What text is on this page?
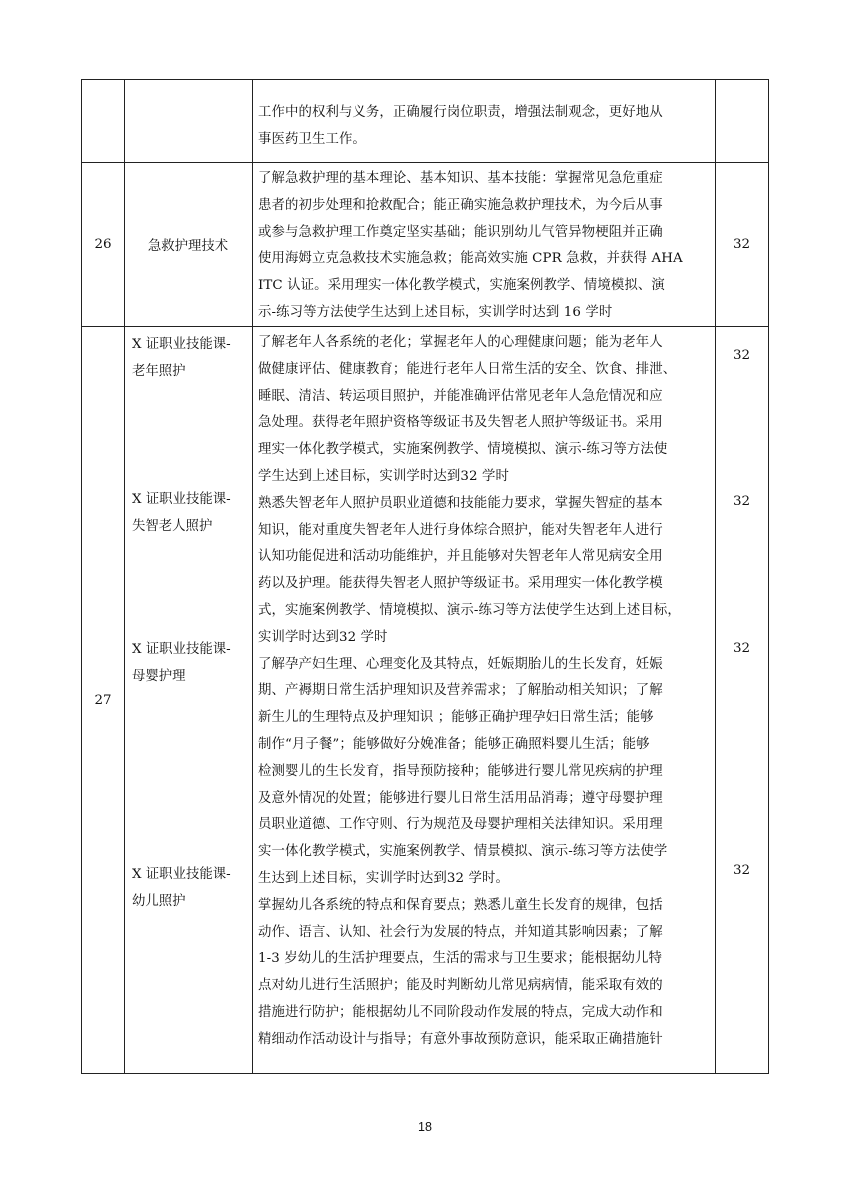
工作中的权利与义务，正确履行岗位职责，增强法制观念，更好地从

事医药卫生工作。

26	急救护理技术

了解急救护理的基本理论、基本知识、基本技能：掌握常见急危重症

患者的初步处理和抢救配合；能正确实施急救护理技术，为今后从事

或参与急救护理工作奠定坚实基础；能识别幼儿气管异物梗阻并正确

使用海姆立克急救技术实施急救；能高效实施 CPR 急救，并获得 AHA

ITC 认证。采用理实一体化教学模式，实施案例教学、情境模拟、演

示-练习等方法使学生达到上述目标，实训学时达到 16 学时

32
27
X 证职业技能课-
老年照护
X 证职业技能课-
失智老人照护
X 证职业技能课-
母婴护理
X 证职业技能课-
幼儿照护

了解老年人各系统的老化；掌握老年人的心理健康问题；能为老年人

做健康评估、健康教育；能进行老年人日常生活的安全、饮食、排泄、

睡眠、清洁、转运项目照护，并能准确评估常见老年人急危情况和应

急处理。获得老年照护资格等级证书及失智老人照护等级证书。采用

理实一体化教学模式，实施案例教学、情境模拟、演示-练习等方法使

学生达到上述目标，实训学时达到32 学时

熟悉失智老年人照护员职业道德和技能能力要求，掌握失智症的基本

知识，能对重度失智老年人进行身体综合照护，能对失智老年人进行

认知功能促进和活动功能维护，并且能够对失智老年人常见病安全用

药以及护理。能获得失智老人照护等级证书。采用理实一体化教学模

式，实施案例教学、情境模拟、演示-练习等方法使学生达到上述目标，

实训学时达到32 学时

了解孕产妇生理、心理变化及其特点，妊娠期胎儿的生长发育，妊娠

期、产褥期日常生活护理知识及营养需求；了解胎动相关知识；了解

新生儿的生理特点及护理知识 ；能够正确护理孕妇日常生活；能够

制作“月子餐”；能够做好分娩准备；能够正确照料婴儿生活；能够

检测婴儿的生长发育，指导预防接种；能够进行婴儿常见疾病的护理

及意外情况的处置；能够进行婴儿日常生活用品消毒；遵守母婴护理

员职业道德、工作守则、行为规范及母婴护理相关法律知识。采用理

实一体化教学模式，实施案例教学、情景模拟、演示-练习等方法使学

生达到上述目标，实训学时达到32 学时。

掌握幼儿各系统的特点和保育要点；熟悉儿童生长发育的规律，包括

动作、语言、认知、社会行为发展的特点，并知道其影响因素；了解

1-3 岁幼儿的生活护理要点，生活的需求与卫生要求；能根据幼儿特

点对幼儿进行生活照护；能及时判断幼儿常见病病情，能采取有效的

措施进行防护；能根据幼儿不同阶段动作发展的特点，完成大动作和

精细动作活动设计与指导；有意外事故预防意识，能采取正确措施针

32
32
32
32
18
